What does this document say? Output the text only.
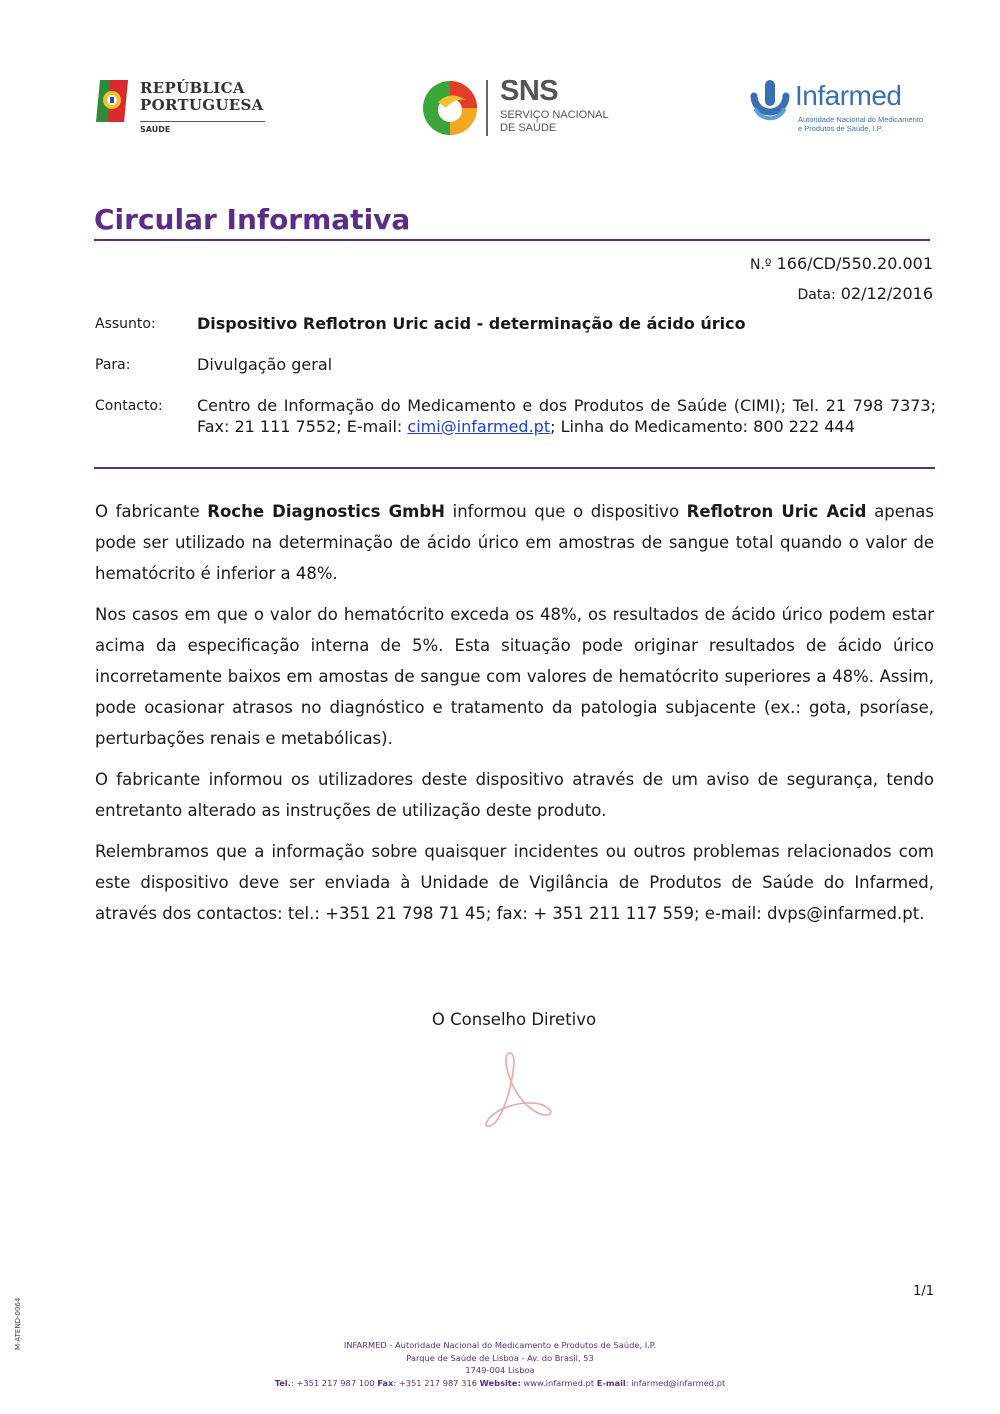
REPÚBLICA
PORTUGUESA
SAÚDE
SNS
SERVIÇO NACIONAL
DE SAÚDE
Infarmed
Autoridade Nacional do Medicamento
e Produtos de Saúde, I.P.
Circular Informativa
N.º 166/CD/550.20.001
Data: 02/12/2016
Assunto:	Dispositivo Reflotron Uric acid - determinação de ácido úrico
Para:	Divulgação geral
Contacto: Centro de Informação do Medicamento e dos Produtos de Saúde (CIMI); Tel. 21 798 7373; Fax: 21 111 7552; E-mail: cimi@infarmed.pt; Linha do Medicamento: 800 222 444

O fabricante Roche Diagnostics GmbH informou que o dispositivo Reflotron Uric Acid apenas pode ser utilizado na determinação de ácido úrico em amostras de sangue total quando o valor de hematócrito é inferior a 48%.

Nos casos em que o valor do hematócrito exceda os 48%, os resultados de ácido úrico podem estar acima da especificação interna de 5%. Esta situação pode originar resultados de ácido úrico incorretamente baixos em amostas de sangue com valores de hematócrito superiores a 48%. Assim, pode ocasionar atrasos no diagnóstico e tratamento da patologia subjacente (ex.: gota, psoríase, perturbações renais e metabólicas).

O fabricante informou os utilizadores deste dispositivo através de um aviso de segurança, tendo entretanto alterado as instruções de utilização deste produto.

Relembramos que a informação sobre quaisquer incidentes ou outros problemas relacionados com este dispositivo deve ser enviada à Unidade de Vigilância de Produtos de Saúde do Infarmed, através dos contactos: tel.: +351 21 798 71 45; fax: + 351 211 117 559; e-mail: dvps@infarmed.pt.

O Conselho Diretivo
1/1
M-ATEND-0064	INFARMED - Autoridade Nacional do Medicamento e Produtos de Saúde, I.P.
Parque de Saúde de Lisboa - Av. do Brasil, 53
1749-004 Lisboa
Tel.: +351 217 987 100 Fax: +351 217 987 316 Website: www.infarmed.pt E-mail: infarmed@infarmed.pt
